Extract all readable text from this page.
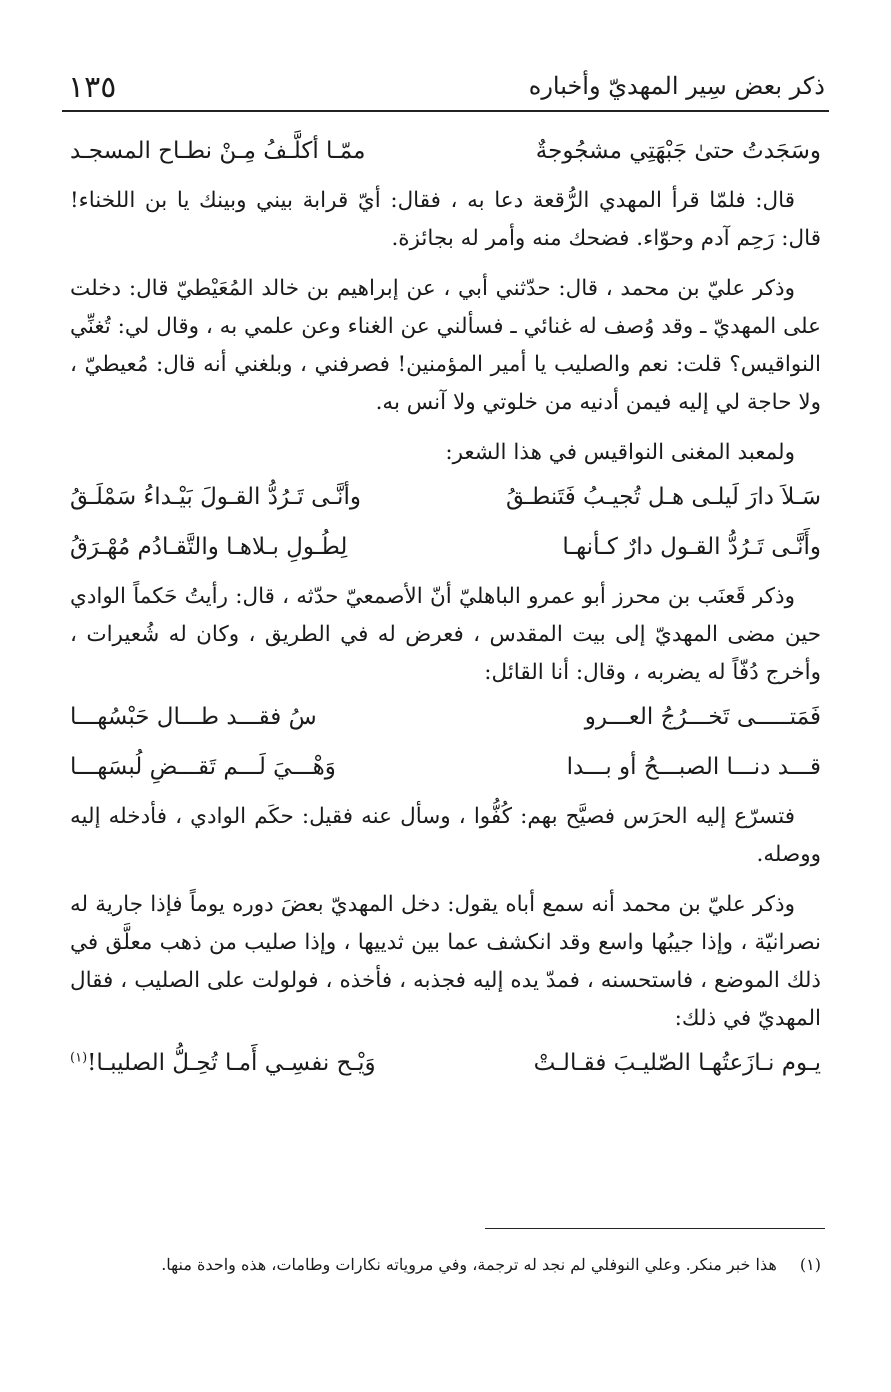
١٣٥	ذكر بعض سِير المهديّ وأخباره
وسَجَدتُ حتىٰ جَبْهَتِي مشجُوجةٌ
ممّـا أكلَّـفُ مِـنْ نطـاح المسجـد

قال: فلمّا قرأ المهدي الرُّقعة دعا به ، فقال: أيّ قرابة بيني وبينك يا بن اللخناء! قال: رَحِم آدم وحوّاء. فضحك منه وأمر له بجائزة.

وذكر عليّ بن محمد ، قال: حدّثني أبي ، عن إبراهيم بن خالد المُعَيْطيّ قال: دخلت على المهديّ ـ وقد وُصف له غنائي ـ فسألني عن الغناء وعن علمي به ، وقال لي: تُغنِّي النواقيس؟ قلت: نعم والصليب يا أمير المؤمنين! فصرفني ، وبلغني أنه قال: مُعيطيّ ، ولا حاجة لي إليه فيمن أدنيه من خلوتي ولا آنس به.

ولمعبد المغنى النواقيس في هذا الشعر:

سَـلاَ دارَ لَيلـى هـل تُجيـبُ فَتَنطـقُ
وأنَّـى تَـرُدُّ القـولَ بَيْـداءُ سَمْلَـقُ
وأَنَّـى تَـرُدُّ القـول دارٌ كـأنهـا
لِطُـولِ بـلاهـا والتَّقـادُم مُهْـرَقُ

وذكر قَعنَب بن محرز أبو عمرو الباهليّ أنّ الأصمعيّ حدّثه ، قال: رأيتُ حَكماً الوادي حين مضى المهديّ إلى بيت المقدس ، فعرض له في الطريق ، وكان له شُعيرات ، وأخرج دُفّاً له يضربه ، وقال: أنا القائل:

فَمَتـــــى تَخـــرُجُ العـــرو
سُ فقـــد طـــال حَبْسُهـــا
قـــد دنـــا الصبـــحُ أو بـــدا
وَهْـــيَ لَـــم تَقـــضِ لُبسَهـــا

فتسرّع إليه الحرَس فصيَّح بهم: كُفُّوا ، وسأل عنه فقيل: حكَم الوادي ، فأدخله إليه ووصله.

وذكر عليّ بن محمد أنه سمع أباه يقول: دخل المهديّ بعضَ دوره يوماً فإذا جارية له نصرانيّة ، وإذا جيبُها واسع وقد انكشف عما بين ثدييها ، وإذا صليب من ذهب معلَّق في ذلك الموضع ، فاستحسنه ، فمدّ يده إليه فجذبه ، فأخذه ، فولولت على الصليب ، فقال المهديّ في ذلك:

يـوم نـازَعتُهـا الصّليـبَ فقـالـتْ
وَيْـح نفسِـي أَمـا تُحِـلُّ الصليبـا!$^{(١)}$
(١) هذا خبر منكر. وعلي النوفلي لم نجد له ترجمة، وفي مروياته نكارات وطامات، هذه واحدة منها.
